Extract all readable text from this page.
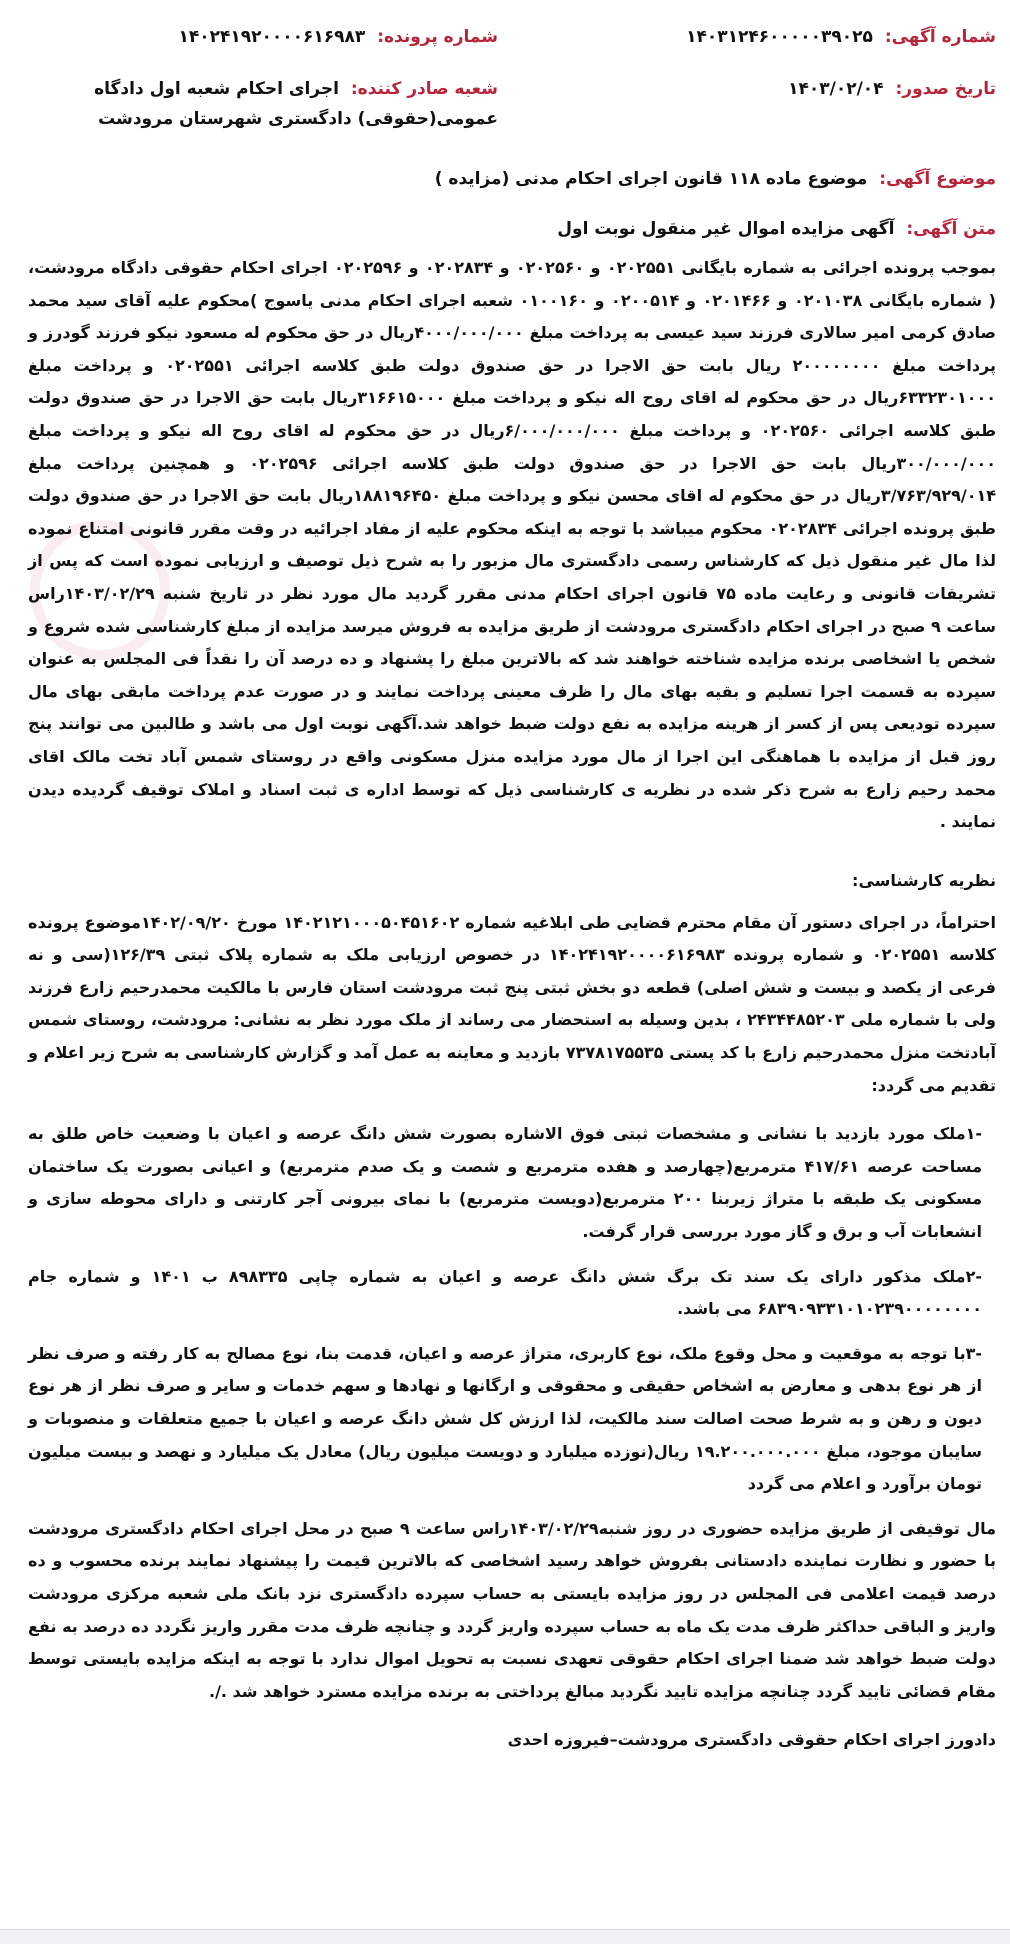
شماره آگهی: ۱۴۰۳۱۲۴۶۰۰۰۰۰۳۹۰۲۵
شماره پرونده: ۱۴۰۲۴۱۹۲۰۰۰۰۶۱۶۹۸۳
تاریخ صدور: ۱۴۰۳/۰۲/۰۴
شعبه صادر کننده: اجرای احکام شعبه اول دادگاه عمومی(حقوقی) دادگستری شهرستان مرودشت
موضوع آگهی: موضوع ماده ۱۱۸ قانون اجرای احکام مدنی (مزایده )
متن آگهی: آگهی مزایده اموال غیر منقول نوبت اول

بموجب پرونده اجرائی به شماره بایگانی ۰۲۰۲۵۵۱ و ۰۲۰۲۵۶۰ و ۰۲۰۲۸۳۴ و ۰۲۰۲۵۹۶ اجرای احکام حقوقی دادگاه مرودشت، ( شماره بایگانی ۰۲۰۱۰۳۸ و ۰۲۰۱۴۶۶ و ۰۲۰۰۵۱۴ و ۰۱۰۰۱۶۰ شعبه اجرای احکام مدنی یاسوج )محکوم علیه آقای سید محمد صادق کرمی امیر سالاری فرزند سید عیسی به پرداخت مبلغ ۴۰۰۰/۰۰۰/۰۰۰ریال در حق محکوم له مسعود نیکو فرزند گودرز و پرداخت مبلغ ۲۰۰۰۰۰۰۰۰ ریال بابت حق الاجرا در حق صندوق دولت طبق کلاسه اجرائی ۰۲۰۲۵۵۱ و پرداخت مبلغ ۶۳۳۲۳۰۱۰۰۰ریال در حق محکوم له اقای روح اله نیکو و پرداخت مبلغ ۳۱۶۶۱۵۰۰۰ریال بابت حق الاجرا در حق صندوق دولت طبق کلاسه اجرائی ۰۲۰۲۵۶۰ و پرداخت مبلغ ۶/۰۰۰/۰۰۰/۰۰۰ریال در حق محکوم له اقای روح اله نیکو و پرداخت مبلغ ۳۰۰/۰۰۰/۰۰۰ریال بابت حق الاجرا در حق صندوق دولت طبق کلاسه اجرائی ۰۲۰۲۵۹۶ و همچنین پرداخت مبلغ ۳/۷۶۳/۹۲۹/۰۱۴ریال در حق محکوم له اقای محسن نیکو و پرداخت مبلغ ۱۸۸۱۹۶۴۵۰ریال بابت حق الاجرا در حق صندوق دولت طبق پرونده اجرائی ۰۲۰۲۸۳۴ محکوم میباشد با توجه به اینکه محکوم علیه از مفاد اجرائیه در وقت مقرر قانونی امتناع نموده لذا مال غیر منقول ذیل که کارشناس رسمی دادگستری مال مزبور را به شرح ذیل توصیف و ارزیابی نموده است که پس از تشریفات قانونی و رعایت ماده ۷۵ قانون اجرای احکام مدنی مقرر گردید مال مورد نظر در تاریخ شنبه ۱۴۰۳/۰۲/۲۹راس ساعت ۹ صبح در اجرای احکام دادگستری مرودشت از طریق مزایده به فروش میرسد مزایده از مبلغ کارشناسی شده شروع و شخص یا اشخاصی برنده مزایده شناخته خواهند شد که بالاترین مبلغ را پشنهاد و ده درصد آن را نقداً فی المجلس به عنوان سپرده به قسمت اجرا تسلیم و بقیه بهای مال را ظرف معینی پرداخت نمایند و در صورت عدم پرداخت مابقی بهای مال سپرده تودیعی پس از کسر از هرینه مزایده به نفع دولت ضبط خواهد شد.آگهی نوبت اول می باشد و طالبین می توانند پنج روز قبل از مزایده با هماهنگی این اجرا از مال مورد مزایده منزل مسکونی واقع در روستای شمس آباد تخت مالک اقای محمد رحیم زارع به شرح ذکر شده در نظریه ی کارشناسی ذیل که توسط اداره ی ثبت اسناد و املاک توقیف گردیده دیدن نمایند .

نظریه کارشناسی:

احتراماً، در اجرای دستور آن مقام محترم قضایی طی ابلاغیه شماره ۱۴۰۲۱۲۱۰۰۰۵۰۴۵۱۶۰۲ مورخ ۱۴۰۲/۰۹/۲۰موضوع پرونده کلاسه ۰۲۰۲۵۵۱ و شماره پرونده ۱۴۰۲۴۱۹۲۰۰۰۰۶۱۶۹۸۳ در خصوص ارزیابی ملک به شماره پلاک ثبتی ۱۲۶/۳۹(سی و نه فرعی از یکصد و بیست و شش اصلی) قطعه دو بخش ثبتی پنج ثبت مرودشت استان فارس با مالکیت محمدرحیم زارع فرزند ولی با شماره ملی ۲۴۳۴۴۸۵۲۰۳ ، بدین وسیله به استحضار می رساند از ملک مورد نظر به نشانی: مرودشت، روستای شمس آبادتخت منزل محمدرحیم زارع با کد پستی ۷۳۷۸۱۷۵۵۳۵ بازدید و معاینه به عمل آمد و گزارش کارشناسی به شرح زیر اعلام و تقدیم می گردد:

-۱ملک مورد بازدید با نشانی و مشخصات ثبتی فوق الاشاره بصورت شش دانگ عرصه و اعیان با وضعیت خاص طلق به مساحت عرصه ۴۱۷/۶۱ مترمربع(چهارصد و هفده مترمربع و شصت و یک صدم مترمربع) و اعیانی بصورت یک ساختمان مسکونی یک طبقه با متراژ زیربنا ۲۰۰ مترمربع(دویست مترمربع) با نمای بیرونی آجر کارتنی و دارای محوطه سازی و انشعابات آب و برق و گاز مورد بررسی قرار گرفت.

-۲ملک مذکور دارای یک سند تک برگ شش دانگ عرصه و اعیان به شماره چاپی ۸۹۸۳۳۵ ب ۱۴۰۱ و شماره جام ۶۸۳۹۰۹۳۳۱۰۱۰۲۳۹۰۰۰۰۰۰۰۰ می باشد.

-۳با توجه به موقعیت و محل وقوع ملک، نوع کاربری، متراژ عرصه و اعیان، قدمت بنا، نوع مصالح به کار رفته و صرف نظر از هر نوع بدهی و معارض به اشخاص حقیقی و محقوقی و ارگانها و نهادها و سهم خدمات و سایر و صرف نظر از هر نوع دیون و رهن و به شرط صحت اصالت سند مالکیت، لذا ارزش کل شش دانگ عرصه و اعیان با جمیع متعلقات و منصوبات و سایبان موجود، مبلغ ۱۹.۲۰۰.۰۰۰.۰۰۰ ریال(نوزده میلیارد و دویست میلیون ریال) معادل یک میلیارد و نهصد و بیست میلیون تومان برآورد و اعلام می گردد

مال توقیفی از طریق مزایده حضوری در روز شنبه۱۴۰۳/۰۲/۲۹راس ساعت ۹ صبح در محل اجرای احکام دادگستری مرودشت با حضور و نظارت نماینده دادستانی بفروش خواهد رسید اشخاصی که بالاترین قیمت را پیشنهاد نمایند برنده محسوب و ده درصد قیمت اعلامی فی المجلس در روز مزایده بایستی به حساب سپرده دادگستری نزد بانک ملی شعبه مرکزی مرودشت واریز و الباقی حداکثر ظرف مدت یک ماه به حساب سپرده واریز گردد و چنانچه ظرف مدت مقرر واریز نگردد ده درصد به نفع دولت ضبط خواهد شد ضمنا اجرای احکام حقوقی تعهدی نسبت به تحویل اموال ندارد با توجه به اینکه مزایده بایستی توسط مقام قضائی تایید گردد چنانچه مزایده تایید نگردید مبالغ پرداختی به برنده مزایده مسترد خواهد شد ./.

دادورز اجرای احکام حقوقی دادگستری مرودشت–فیروزه احدی
